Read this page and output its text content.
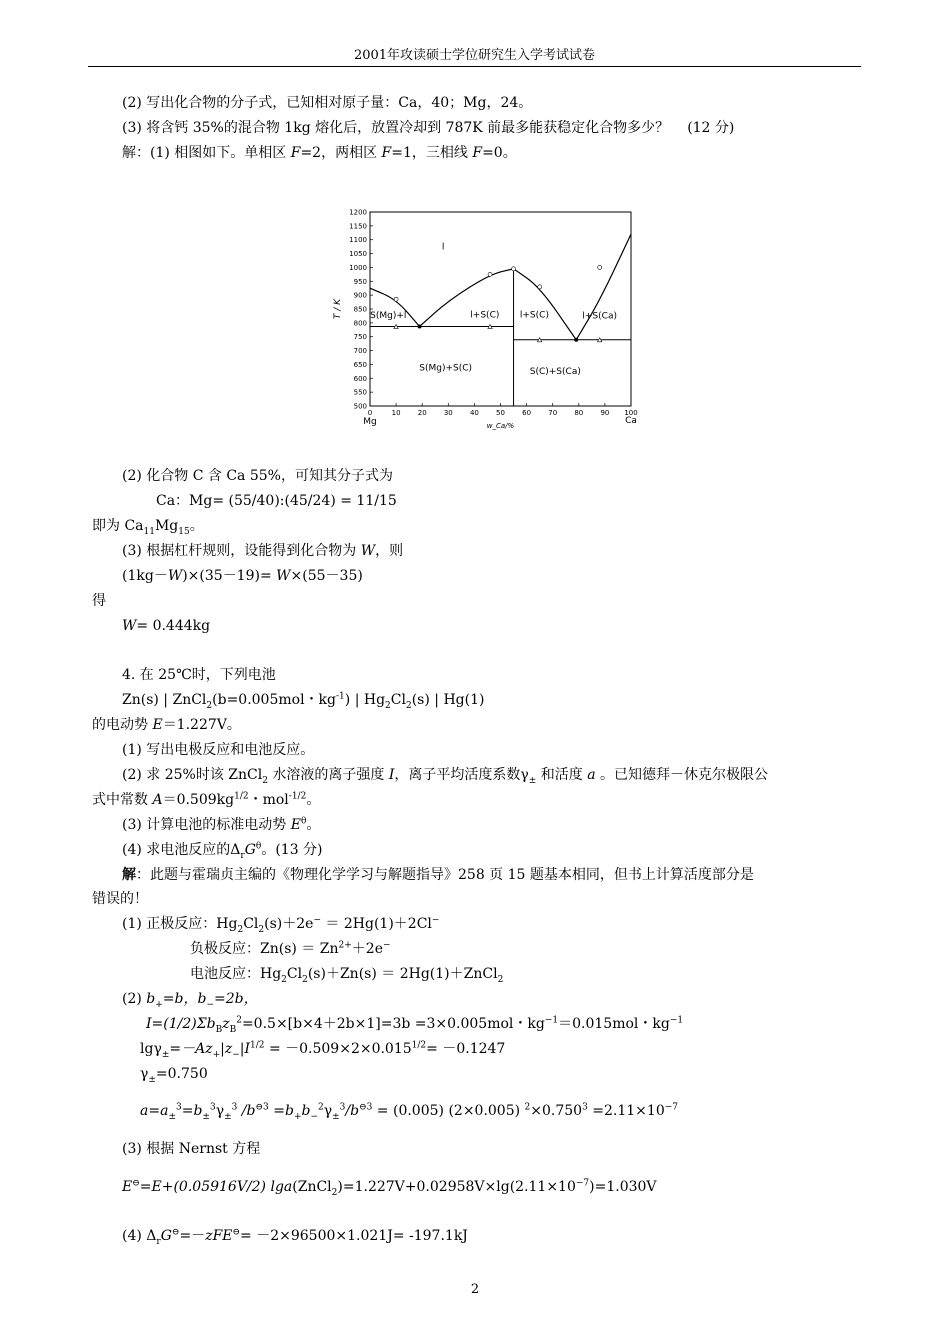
2001年攻读硕士学位研究生入学考试试卷
(2) 写出化合物的分子式，已知相对原子量：Ca，40；Mg，24。
(3) 将含钙 35%的混合物 1kg 熔化后，放置冷却到 787K 前最多能获稳定化合物多少？ (12 分)
解：(1) 相图如下。单相区 F=2，两相区 F=1，三相线 F=0。
500
550
600
650
700
750
800
850
900
950
1000
1050
1100
1150
1200
0	10 20 30 40 50 60 70 80 90 100
T / K
w_Ca/%
Mg	Ca
l
S(Mg)+l	l+S(C) l+S(C)	l+S(Ca)
S(Mg)+S(C)	S(C)+S(Ca)
(2) 化合物 C 含 Ca 55%，可知其分子式为
Ca：Mg= (55/40):(45/24) = 11/15
即为 $Ca_{11}Mg_{15}$。
(3) 根据杠杆规则，设能得到化合物为 W，则
(1kg－W)×(35－19)= W×(55－35)
得
W= 0.444kg
4. 在 25℃时，下列电池
Zn(s) | ZnCl$_2$(b=0.005mol・$kg^{-1}$) | $Hg_2Cl_2(s)$ | Hg(1)
的电动势 E＝1.227V。
(1) 写出电极反应和电池反应。
(2) 求 25%时该 ZnCl$_2$ 水溶液的离子强度 I，离子平均活度系数$\gamma_\pm$ 和活度 a 。已知德拜－休克尔极限公
式中常数 $A=0.509kg^{1/2}$・mol$^{-1/2}$。
(3) 计算电池的标准电动势 $E^\theta$。
(4) 求电池反应的$\Delta_rG^\theta$。(13 分)
解：此题与霍瑞贞主编的《物理化学学习与解题指导》258 页 15 题基本相同，但书上计算活度部分是
错误的！
(1) 正极反应：$Hg_2Cl_2(s)+2e^- = 2Hg(1)+2Cl^-$
负极反应：$Zn(s) = Zn^{2+}+2e^-$
电池反应：$Hg_2Cl_2(s)+Zn(s)$ ＝ 2Hg(1)＋ZnCl$_2$
(2) $b_+=b$，$b_-=2b$，
$I=(1/2)\Sigma b_Bz_B^2=0.5\times[b\times 4+2b\times 1]=3b =3\times 0.005mol$・$kg^{-1}=0.015mol$・$kg^{-1}$
$\lg\gamma_\pm=-Az_+|z_-|I^{1/2} = -0.509\times 2\times 0.015^{1/2}= -0.1247$
$\gamma_\pm=0.750$
$a=a_\pm^3=b_\pm^3\gamma_\pm^3$ $/b^{⊖3} =b_+b_-^2\gamma_\pm^3/b^{⊖3} = (0.005)$ (2×0.005) $^2\times 0.750^3 =2.11\times 10^{-7}$
(3) 根据 Nernst 方程
E⊖=E+(0.05916V/2) $\lg a(ZnCl_2)=1.227V+0.02958V\times\lg(2.11\times 10^{-7})=1.030V$
(4) $\Delta_rG^⊖=-zFE^⊖= -2\times 96500\times 1.021J= -197.1kJ$
2
